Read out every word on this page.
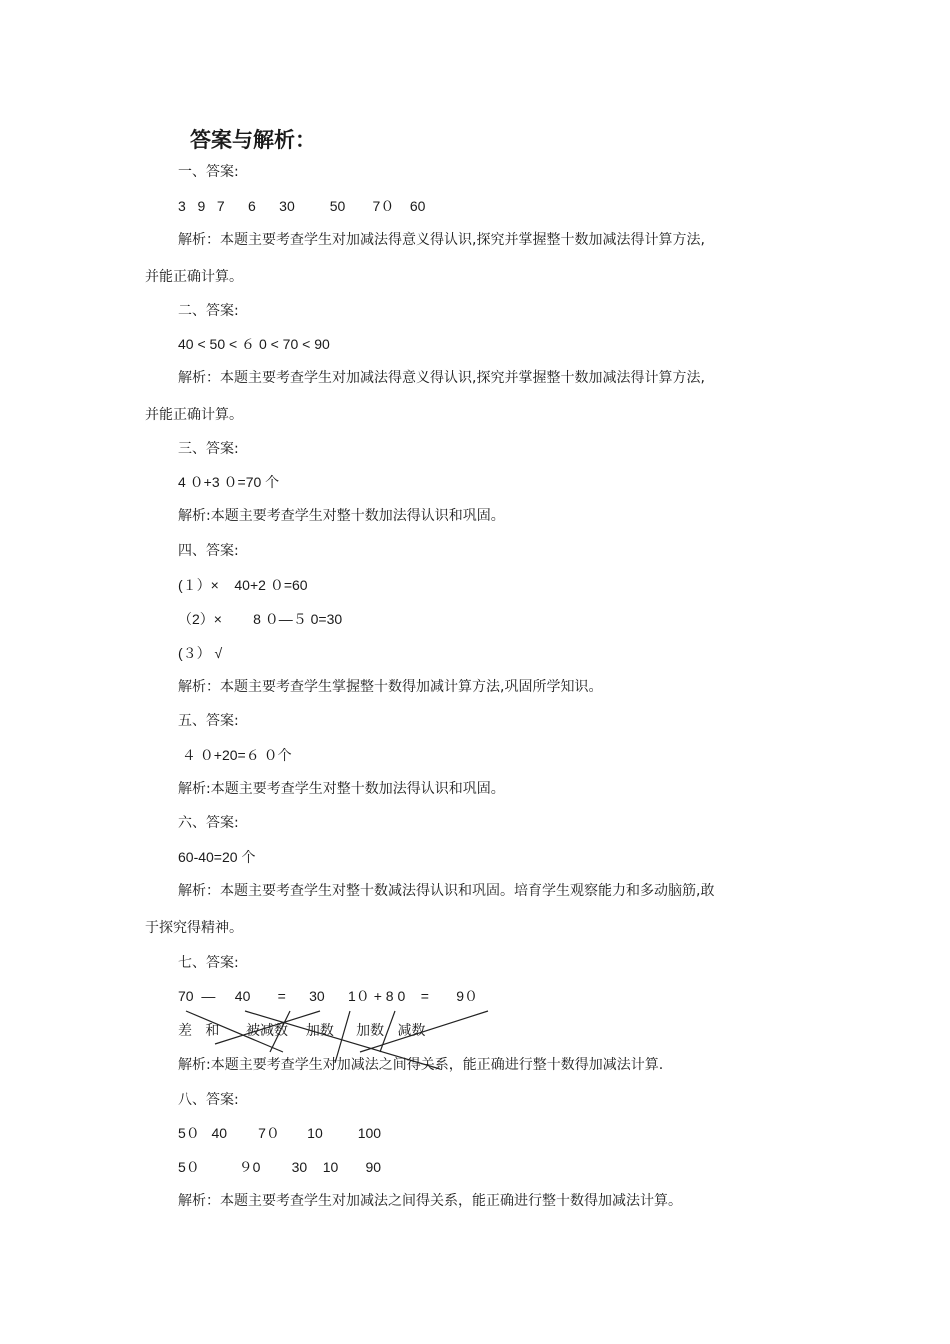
答案与解析：
一、答案:
3   9   7      6      30         50       7０    60
解析：本题主要考查学生对加减法得意义得认识,探究并掌握整十数加减法得计算方法,
并能正确计算。
二、答案:
40 ˂ 50 ˂ ６ 0 ˂ 70 ˂ 90
解析：本题主要考查学生对加减法得意义得认识,探究并掌握整十数加减法得计算方法,
并能正确计算。
三、答案:
4 ０+3 ０=70 个
解析:本题主要考查学生对整十数加法得认识和巩固。
四、答案:
(１）×    40+2 ０=60
（2）×        8 ０—５ 0=30
(３） √
解析：本题主要考查学生掌握整十数得加减计算方法,巩固所学知识。
五、答案:
４ ０+20=６ ０个
解析:本题主要考查学生对整十数加法得认识和巩固。
六、答案:
60-40=20 个
解析：本题主要考查学生对整十数减法得认识和巩固。培育学生观察能力和多动脑筋,敢
于探究得精神。
七、答案:
70  —     40       =      30      1０ + 8 0    =       9０
差   和      被减数    加数     加数   减数
解析:本题主要考查学生对加减法之间得关系，能正确进行整十数得加减法计算.
八、答案:
5０   40        7０       10         100
5０          ９0        30    10       90
解析：本题主要考查学生对加减法之间得关系，能正确进行整十数得加减法计算。
